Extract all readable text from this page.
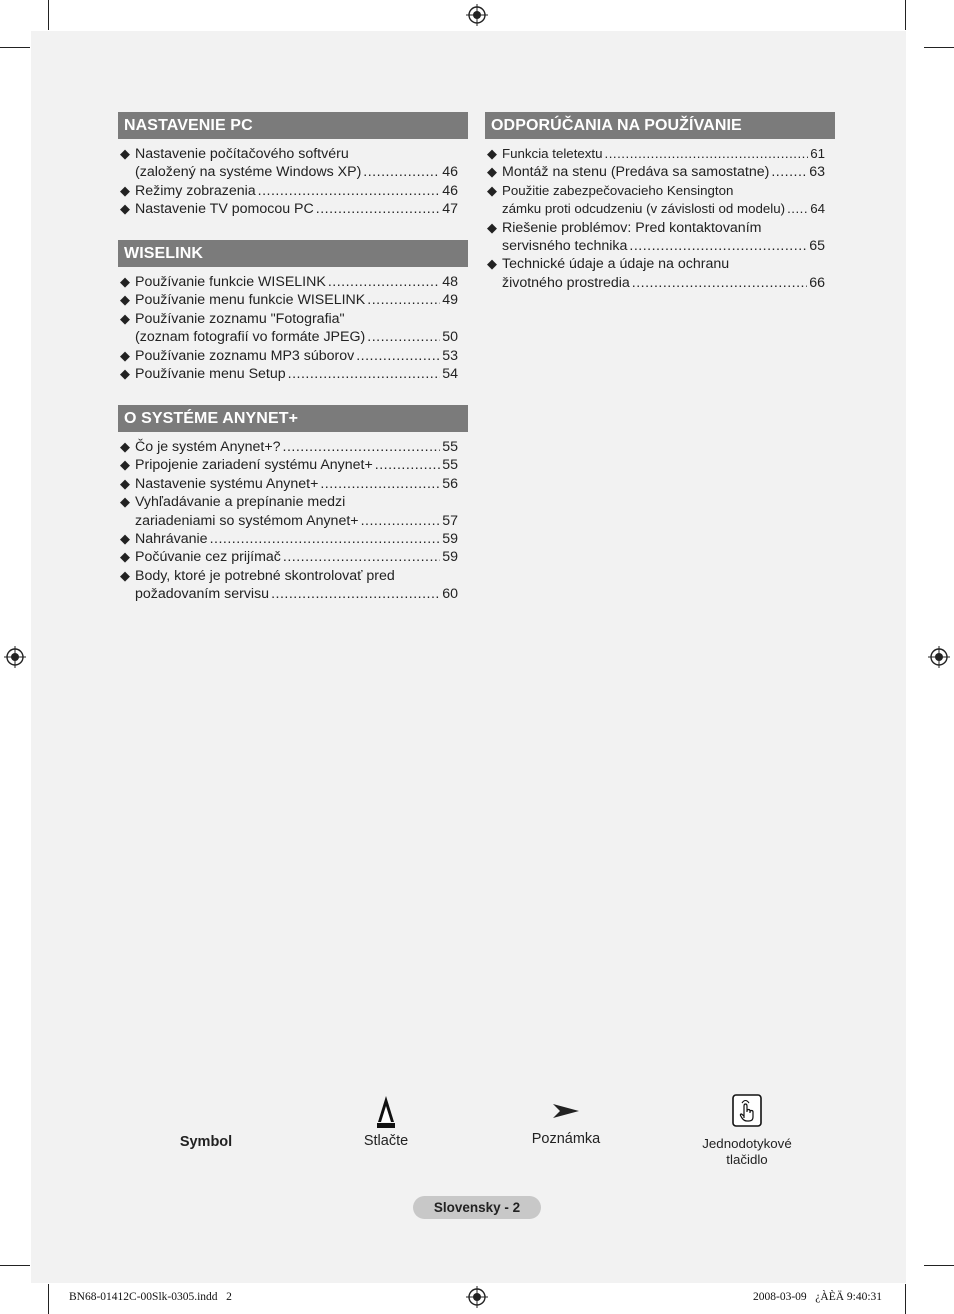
NASTAVENIE PC
◆ Nastavenie počítačového softvéru
(založený na systéme Windows XP) .....	46
◆ Režimy zobrazenia .....	46
◆ Nastavenie TV pomocou PC .....	47
WISELINK
◆ Používanie funkcie WISELINK .....	48
◆ Používanie menu funkcie WISELINK .....	49
◆ Používanie zoznamu "Fotografia"
(zoznam fotografií vo formáte JPEG) .....	50
◆ Používanie zoznamu MP3 súborov .....	53
◆ Používanie menu Setup .....	54
O SYSTÉME ANYNET+
◆ Čo je systém Anynet+? .....	55
◆ Pripojenie zariadení systému Anynet+ .....	55
◆ Nastavenie systému Anynet+ .....	56
◆ Vyhľadávanie a prepínanie medzi
zariadeniami so systémom Anynet+ .....	57
◆ Nahrávanie .....	59
◆ Počúvanie cez prijímač .....	59
◆ Body, ktoré je potrebné skontrolovať pred
požadovaním servisu .....	60
ODPORÚČANIA NA POUŽÍVANIE
◆ Funkcia teletextu .....	61
◆ Montáž na stenu (Predáva sa samostatne) .....	63
◆ Použitie zabezpečovacieho Kensington
zámku proti odcudzeniu (v závislosti od modelu) ..... 64
◆ Riešenie problémov: Pred kontaktovaním
servisného technika .....	65
◆ Technické údaje a údaje na ochranu
životného prostredia .....	66
Symbol	Stlačte	Poznámka	Jednodotykové
tlačidlo
Slovensky - 2
BN68-01412C-00Slk-0305.indd   2	2008-03-09   ¿ÀÈÄ 9:40:31
